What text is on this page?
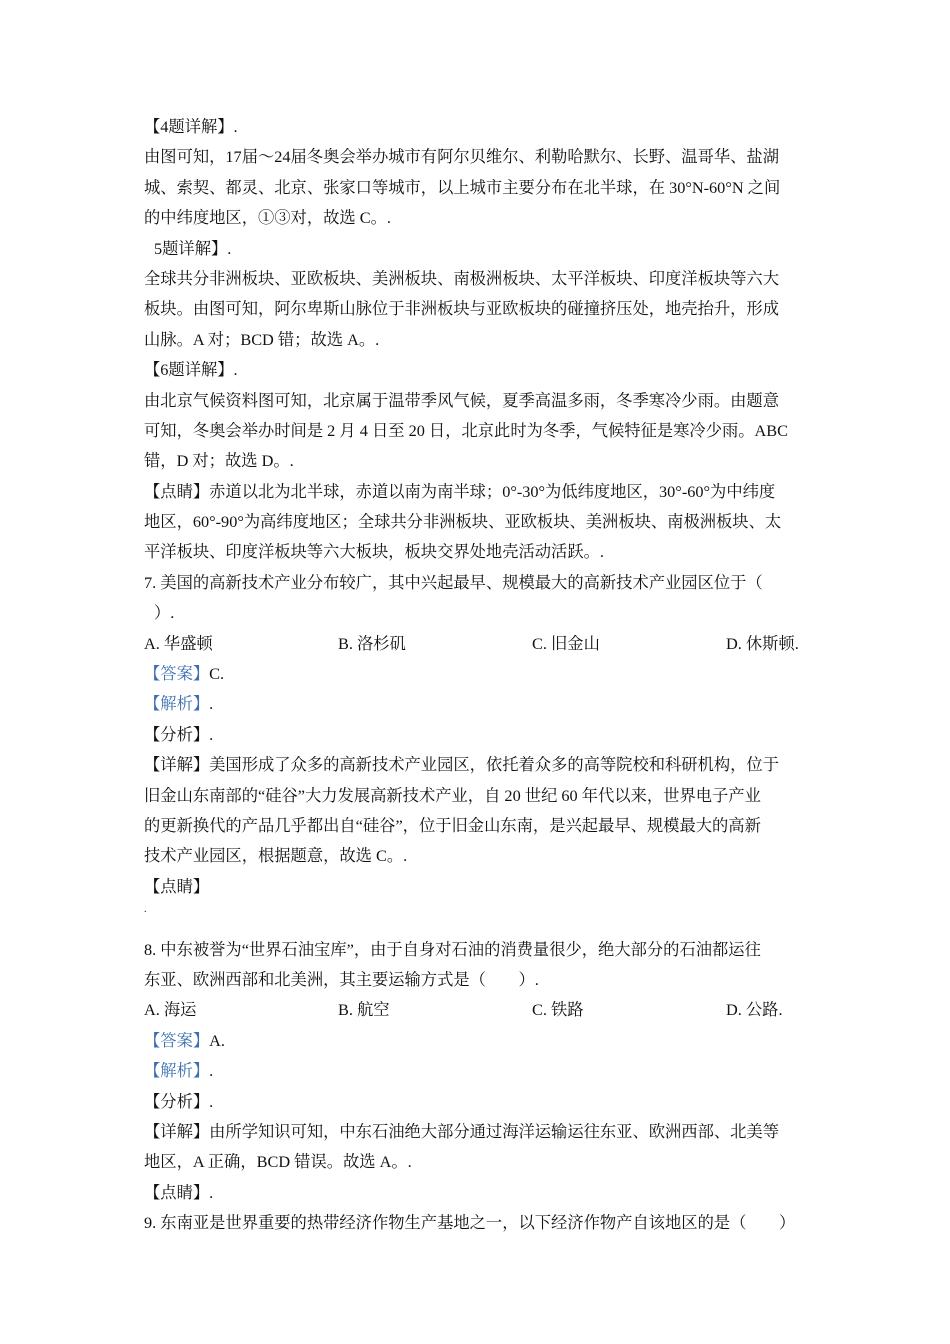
【4题详解】.
由图可知，17届～24届冬奥会举办城市有阿尔贝维尔、利勒哈默尔、长野、温哥华、盐湖
城、索契、都灵、北京、张家口等城市，以上城市主要分布在北半球，在 30°N-60°N 之间
的中纬度地区，①③对，故选 C。.
5题详解】.
全球共分非洲板块、亚欧板块、美洲板块、南极洲板块、太平洋板块、印度洋板块等六大
板块。由图可知，阿尔卑斯山脉位于非洲板块与亚欧板块的碰撞挤压处，地壳抬升，形成
山脉。A 对；BCD 错；故选 A。.
【6题详解】.
由北京气候资料图可知，北京属于温带季风气候，夏季高温多雨，冬季寒冷少雨。由题意
可知，冬奥会举办时间是 2 月 4 日至 20 日，北京此时为冬季，气候特征是寒冷少雨。ABC
错，D 对；故选 D。.
【点睛】赤道以北为北半球，赤道以南为南半球；0°-30°为低纬度地区，30°-60°为中纬度
地区，60°-90°为高纬度地区；全球共分非洲板块、亚欧板块、美洲板块、南极洲板块、太
平洋板块、印度洋板块等六大板块，板块交界处地壳活动活跃。.
7. 美国的高新技术产业分布较广，其中兴起最早、规模最大的高新技术产业园区位于（
）.
A. 华盛顿	B. 洛杉矶	C. 旧金山	D. 休斯顿.
【答案】C.
【解析】.
【分析】.
【详解】美国形成了众多的高新技术产业园区，依托着众多的高等院校和科研机构，位于
旧金山东南部的“硅谷”大力发展高新技术产业，自 20 世纪 60 年代以来，世界电子产业
的更新换代的产品几乎都出自“硅谷”，位于旧金山东南，是兴起最早、规模最大的高新
技术产业园区，根据题意，故选 C。.
【点睛】
.
8. 中东被誉为“世界石油宝库”，由于自身对石油的消费量很少，绝大部分的石油都运往
东亚、欧洲西部和北美洲，其主要运输方式是（　　）.
A. 海运	B. 航空	C. 铁路	D. 公路.
【答案】A.
【解析】.
【分析】.
【详解】由所学知识可知，中东石油绝大部分通过海洋运输运往东亚、欧洲西部、北美等
地区，A 正确，BCD 错误。故选 A。.
【点睛】.
9. 东南亚是世界重要的热带经济作物生产基地之一，以下经济作物产自该地区的是（　　）
